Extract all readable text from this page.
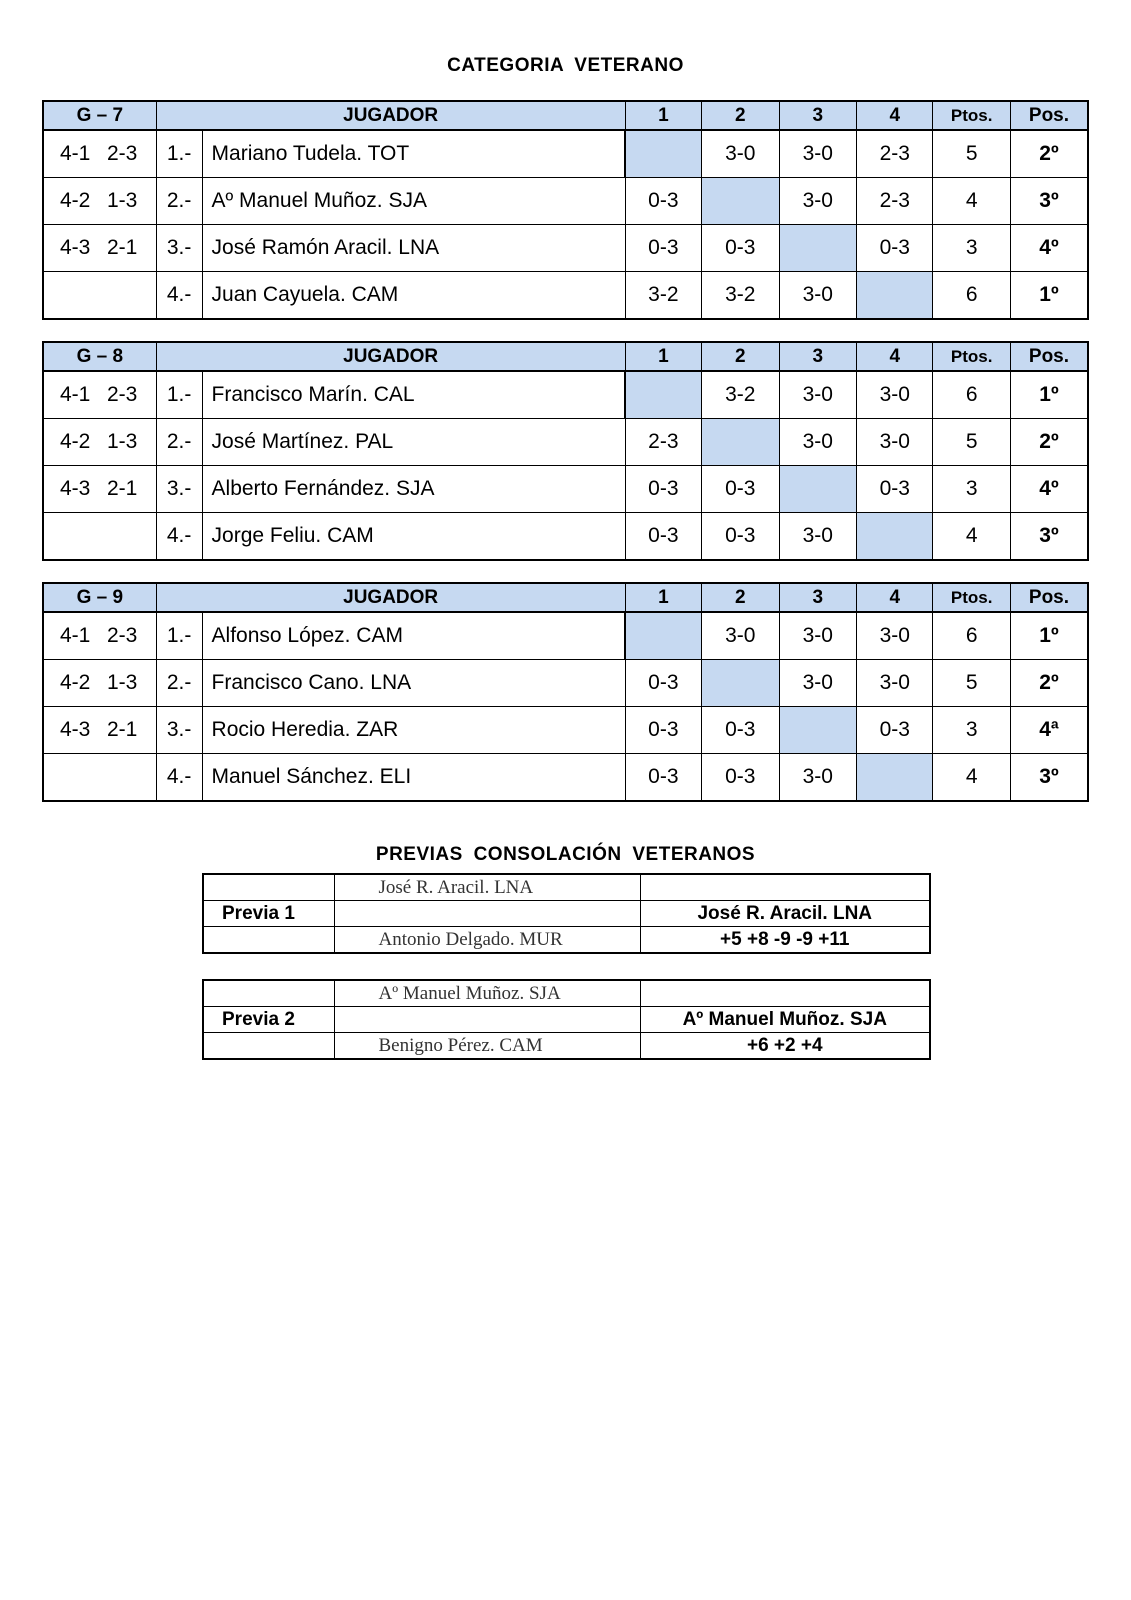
CATEGORIA VETERANO
G – 7	JUGADOR		1	2	3	4	Ptos.	Pos.
4-1 2-3	1.-	Mariano Tudela. TOT		3-0	3-0	2-3	5	2º
4-2 1-3	2.-	Aº Manuel Muñoz. SJA	0-3		3-0	2-3	4	3º
4-3 2-1	3.-	José Ramón Aracil. LNA	0-3	0-3		0-3	3	4º
	4.-	Juan Cayuela. CAM	3-2	3-2	3-0		6	1º
G – 8	JUGADOR		1	2	3	4	Ptos.	Pos.
4-1 2-3	1.-	Francisco Marín. CAL		3-2	3-0	3-0	6	1º
4-2 1-3	2.-	José Martínez. PAL	2-3		3-0	3-0	5	2º
4-3 2-1	3.-	Alberto Fernández. SJA	0-3	0-3		0-3	3	4º
	4.-	Jorge Feliu. CAM	0-3	0-3	3-0		4	3º
G – 9	JUGADOR		1	2	3	4	Ptos.	Pos.
4-1 2-3	1.-	Alfonso López. CAM		3-0	3-0	3-0	6	1º
4-2 1-3	2.-	Francisco Cano. LNA	0-3		3-0	3-0	5	2º
4-3 2-1	3.-	Rocio Heredia. ZAR	0-3	0-3		0-3	3	4ª
	4.-	Manuel Sánchez. ELI	0-3	0-3	3-0		4	3º
PREVIAS CONSOLACIÓN VETERANOS
	José R. Aracil. LNA	
Previa 1		José R. Aracil. LNA
	Antonio Delgado. MUR	+5 +8 -9 -9 +11
	Aº Manuel Muñoz. SJA	
Previa 2		Aº Manuel Muñoz. SJA
	Benigno Pérez. CAM	+6 +2 +4
